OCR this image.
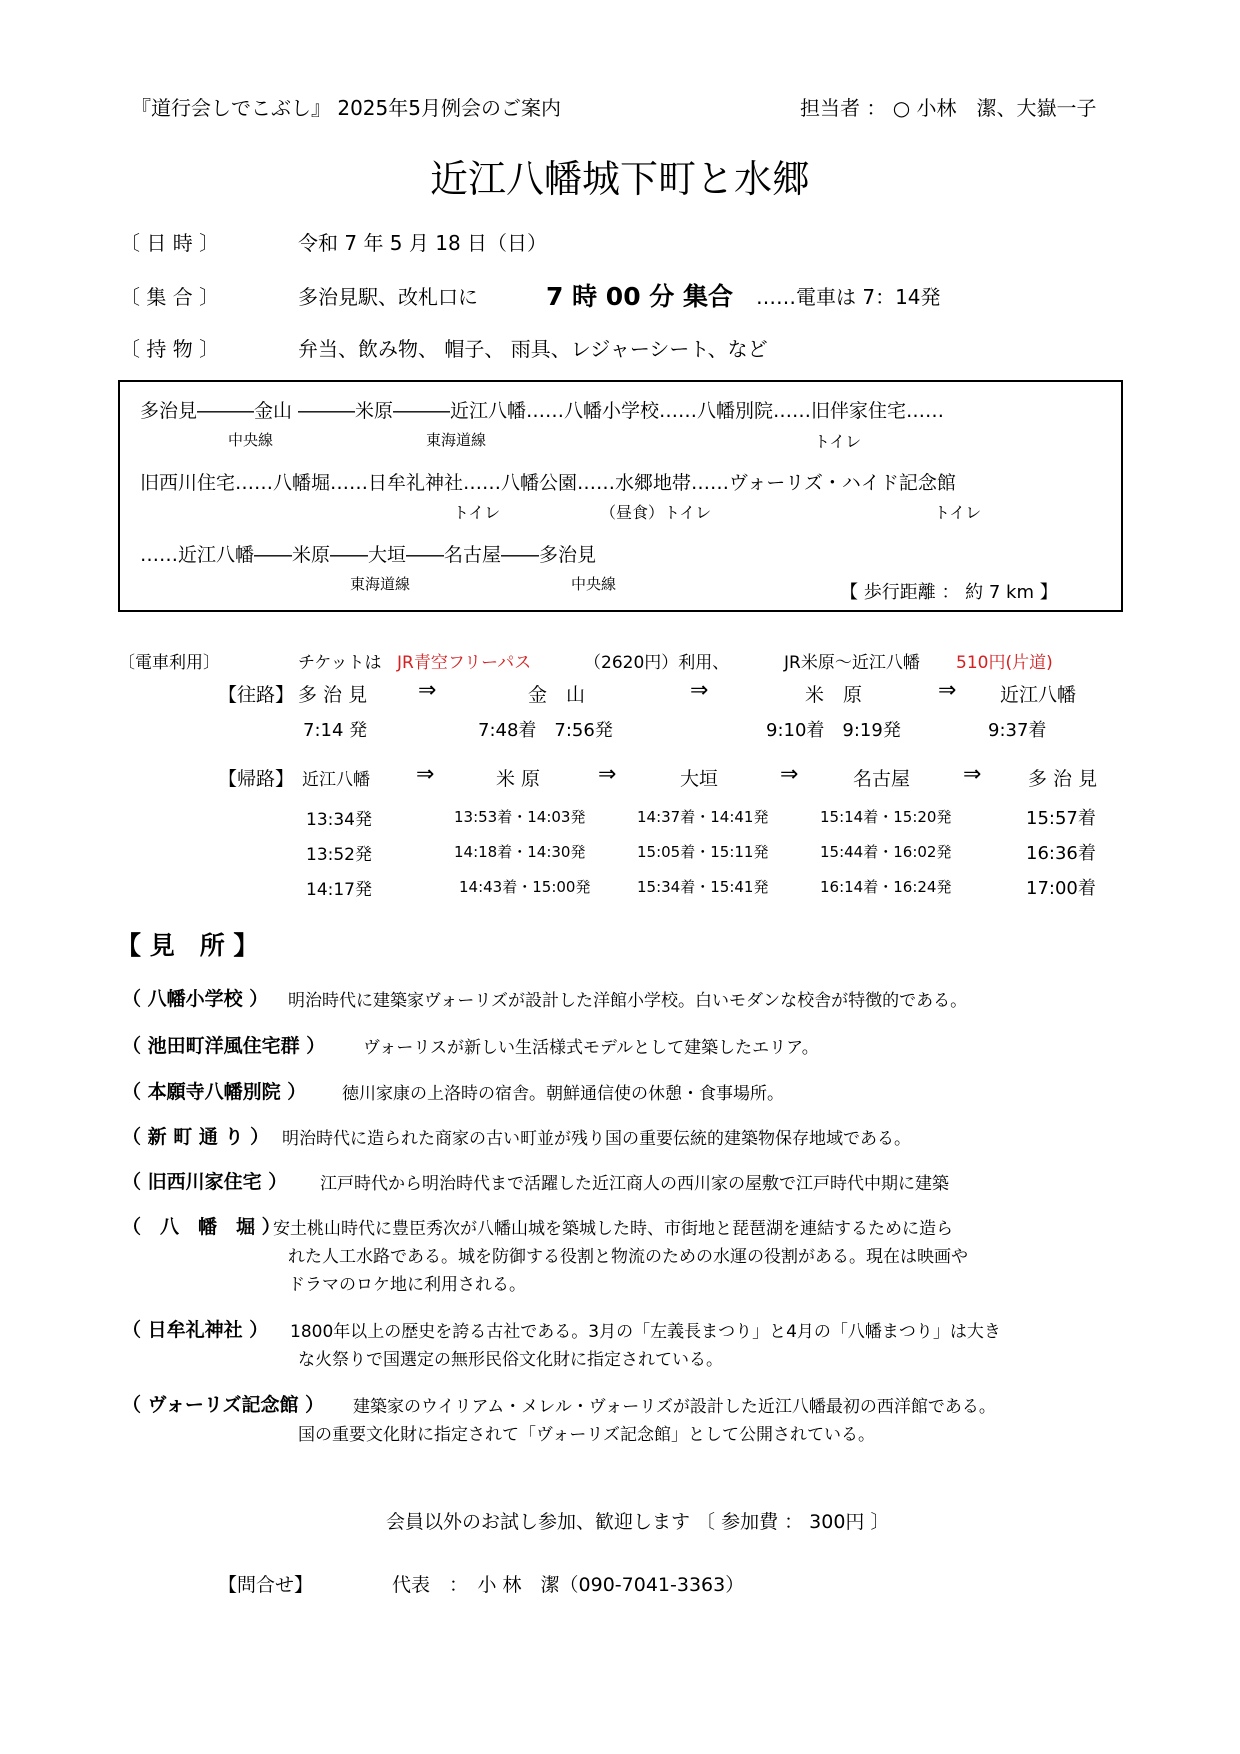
『道行会しでこぶし』 2025年5月例会のご案内	担当者 ： ○ 小林　潔、大嶽一子
近江八幡城下町と水郷
〔 日 時 〕	令和 7 年 5 月 18 日（日）
〔 集 合 〕	多治見駅、改札口に	7 時 00 分 集合 ……電車は 7：14発
〔 持 物 〕	弁当、飲み物、 帽子、 雨具、レジャーシート、など
多治見―――金山 ―――米原―――近江八幡……八幡小学校……八幡別院……旧伴家住宅……
中央線	東海道線	トイレ
旧西川住宅……八幡堀……日牟礼神社……八幡公園……水郷地帯……ヴォーリズ・ハイド記念館
トイレ	（昼食）トイレ	トイレ
……近江八幡――米原――大垣――名古屋――多治見
東海道線	中央線	【 歩行距離 ： 約 7 km 】
〔電車利用〕	チケットは JR青空フリーパス	（2620円）利用、	JR米原～近江八幡 510円(片道)
【往路】 多 治 見 ⇒	金　山	⇒	米　原	⇒ 近江八幡
7:14 発	7:48着　7:56発	9:10着　9:19発	9:37着
【帰路】 近江八幡 ⇒	米 原	⇒	大垣	⇒	名古屋 ⇒ 多 治 見
13:34発	13:53着・14:03発	14:37着・14:41発	15:14着・15:20発	15:57着
13:52発	14:18着・14:30発	15:05着・15:11発	15:44着・16:02発	16:36着
14:17発	14:43着・15:00発	15:34着・15:41発	16:14着・16:24発	17:00着
【 見　所 】
（ 八幡小学校 ） 明治時代に建築家ヴォーリズが設計した洋館小学校。白いモダンな校舎が特徴的である。
（ 池田町洋風住宅群 ） ヴォーリスが新しい生活様式モデルとして建築したエリア。
（ 本願寺八幡別院 ） 徳川家康の上洛時の宿舎。朝鮮通信使の休憩・食事場所。
（ 新 町 通 り ） 明治時代に造られた商家の古い町並が残り国の重要伝統的建築物保存地域である。
（ 旧西川家住宅 ） 江戸時代から明治時代まで活躍した近江商人の西川家の屋敷で江戸時代中期に建築
（　八　幡　堀 ）
安土桃山時代に豊臣秀次が八幡山城を築城した時、市街地と琵琶湖を連結するために造ら
れた人工水路である。城を防御する役割と物流のための水運の役割がある。現在は映画や
ドラマのロケ地に利用される。
（ 日牟礼神社 ） 1800年以上の歴史を誇る古社である。3月の「左義長まつり」と4月の「八幡まつり」は大き
な火祭りで国選定の無形民俗文化財に指定されている。
（ ヴォーリズ記念館 ） 建築家のウイリアム・メレル・ヴォーリズが設計した近江八幡最初の西洋館である。
国の重要文化財に指定されて「ヴォーリズ記念館」として公開されている。
会員以外のお試し参加、歓迎します 〔 参加費 ： 300円 〕
【問合せ】	代表　：　小 林　潔（090-7041-3363）
